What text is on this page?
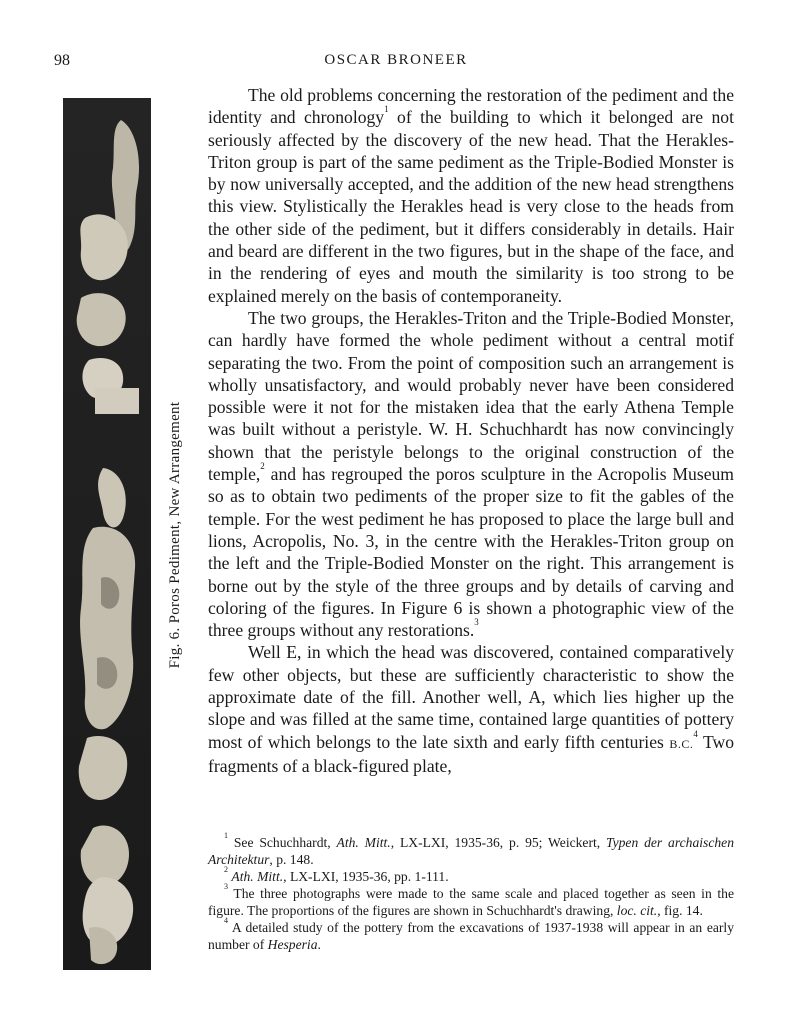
98	OSCAR BRONEER
Fig. 6. Poros Pediment, New Arrangement

The old problems concerning the restoration of the pediment and the identity and chronology$^1$ of the building to which it belonged are not seriously affected by the discovery of the new head. That the Herakles-Triton group is part of the same pediment as the Triple-Bodied Monster is by now universally accepted, and the addition of the new head strengthens this view. Stylistically the Herakles head is very close to the heads from the other side of the pediment, but it differs considerably in details. Hair and beard are different in the two figures, but in the shape of the face, and in the rendering of eyes and mouth the similarity is too strong to be explained merely on the basis of contemporaneity.

The two groups, the Herakles-Triton and the Triple-Bodied Monster, can hardly have formed the whole pediment without a central motif separating the two. From the point of composition such an arrangement is wholly unsatisfactory, and would probably never have been considered possible were it not for the mistaken idea that the early Athena Temple was built without a peristyle. W. H. Schuchhardt has now convincingly shown that the peristyle belongs to the original construction of the temple,$^2$ and has regrouped the poros sculpture in the Acropolis Museum so as to obtain two pediments of the proper size to fit the gables of the temple. For the west pediment he has proposed to place the large bull and lions, Acropolis, No. 3, in the centre with the Herakles-Triton group on the left and the Triple-Bodied Monster on the right. This arrangement is borne out by the style of the three groups and by details of carving and coloring of the figures. In Figure 6 is shown a photographic view of the three groups without any restorations.$^3$

Well E, in which the head was discovered, contained comparatively few other objects, but these are sufficiently characteristic to show the approximate date of the fill. Another well, A, which lies higher up the slope and was filled at the same time, contained large quantities of pottery most of which belongs to the late sixth and early fifth centuries B.C.$^4$ Two fragments of a black-figured plate,

$^1$ See Schuchhardt, Ath. Mitt., LX-LXI, 1935-36, p. 95; Weickert, Typen der archaischen Architektur, p. 148.

$^2$ Ath. Mitt., LX-LXI, 1935-36, pp. 1-111.

$^3$ The three photographs were made to the same scale and placed together as seen in the figure. The proportions of the figures are shown in Schuchhardt's drawing, loc. cit., fig. 14.

$^4$ A detailed study of the pottery from the excavations of 1937-1938 will appear in an early number of Hesperia.
